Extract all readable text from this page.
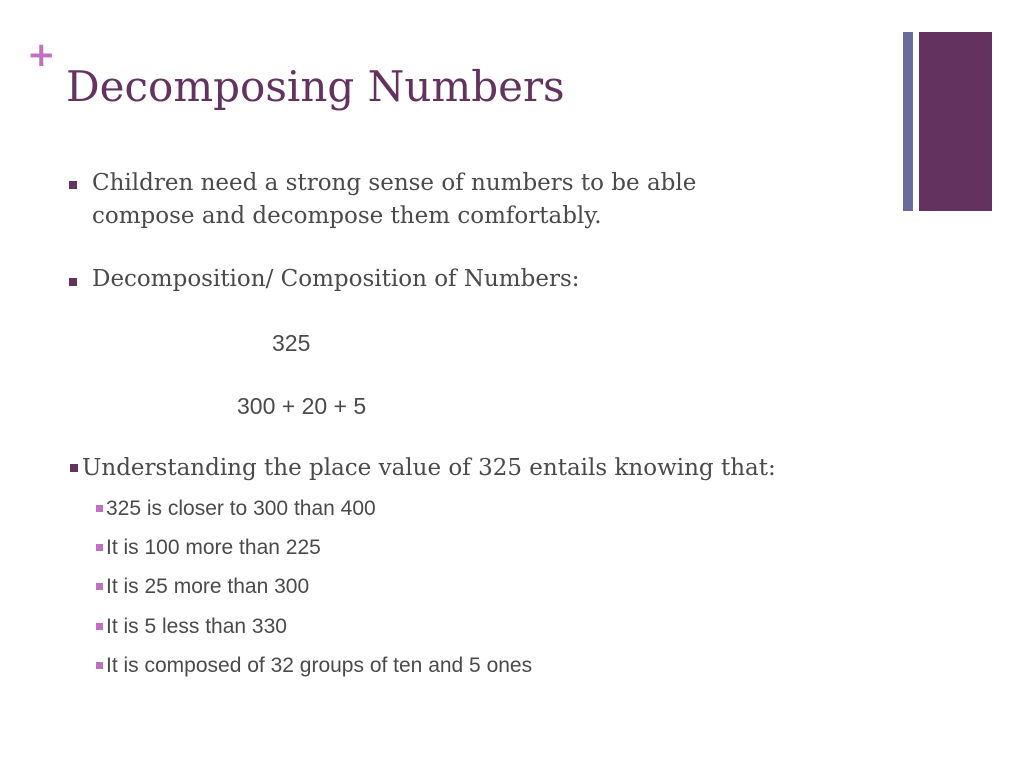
+
Decomposing Numbers
Children need a strong sense of numbers to be able
compose and decompose them comfortably.
Decomposition/ Composition of Numbers:
325
300 + 20 + 5
Understanding the place value of 325 entails knowing that:
325 is closer to 300 than 400
It is 100 more than 225
It is 25 more than 300
It is 5 less than 330
It is composed of 32 groups of ten and 5 ones
